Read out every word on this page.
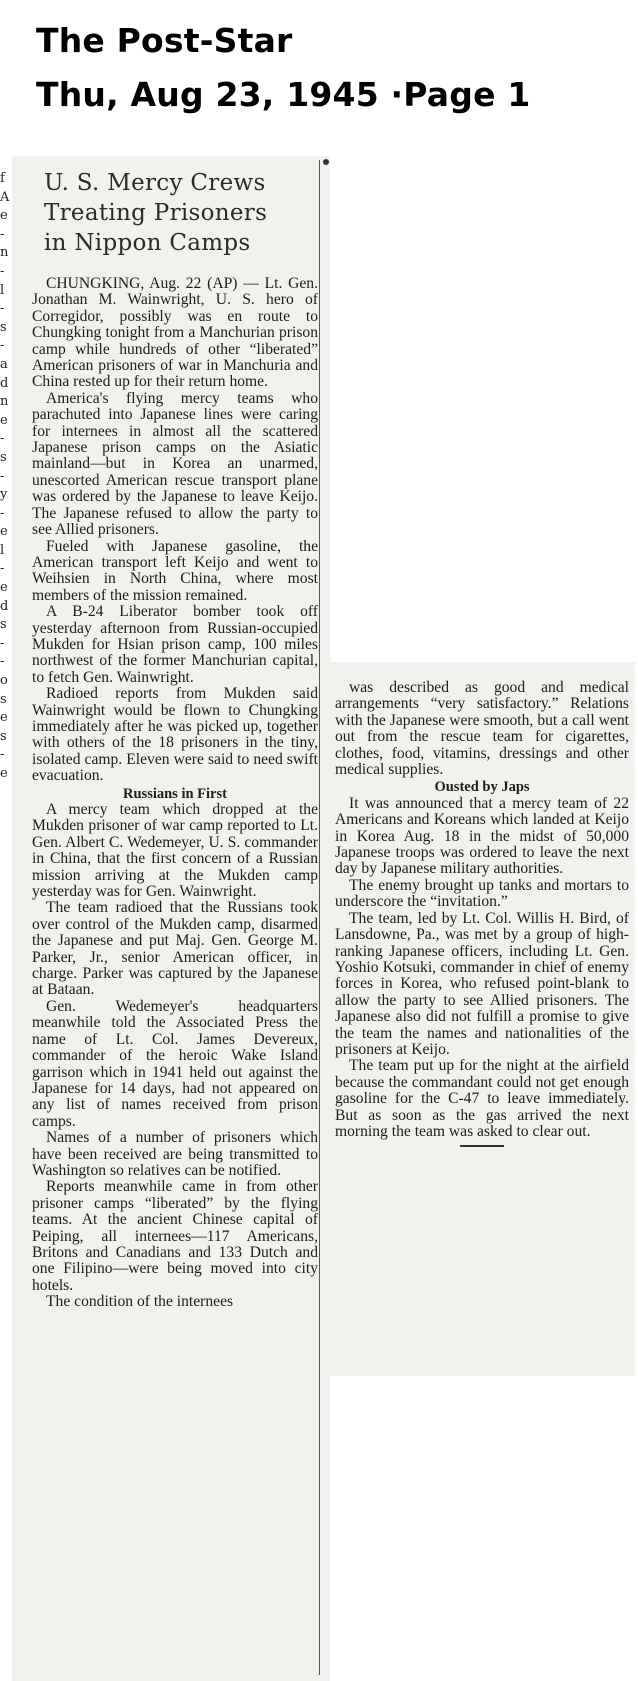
The Post-Star
Thu, Aug 23, 1945 ·Page 1
f
A
e
-
n
-
l
-
s
-
a
d
n
e
-
s
-
y
-
e
l
-
e
d
s
-
-
o
s
e
s
-
e
U. S. Mercy Crews
Treating Prisoners
in Nippon Camps

CHUNGKING, Aug. 22 (AP) — Lt. Gen. Jonathan M. Wainwright, U. S. hero of Corregidor, possibly was en route to Chungking tonight from a Manchurian prison camp while hundreds of other “liberated” American prisoners of war in Manchuria and China rested up for their return home.

America's flying mercy teams who parachuted into Japanese lines were caring for internees in almost all the scattered Japanese prison camps on the Asiatic mainland—but in Korea an unarmed, unescorted American rescue transport plane was ordered by the Japanese to leave Keijo. The Japanese refused to allow the party to see Allied prisoners.

Fueled with Japanese gasoline, the American transport left Keijo and went to Weihsien in North China, where most members of the mission remained.

A B-24 Liberator bomber took off yesterday afternoon from Russian-occupied Mukden for Hsian prison camp, 100 miles northwest of the former Manchurian capital, to fetch Gen. Wainwright.

Radioed reports from Mukden said Wainwright would be flown to Chungking immediately after he was picked up, together with others of the 18 prisoners in the tiny, isolated camp. Eleven were said to need swift evacuation.

Russians in First

A mercy team which dropped at the Mukden prisoner of war camp reported to Lt. Gen. Albert C. Wedemeyer, U. S. commander in China, that the first concern of a Russian mission arriving at the Mukden camp yesterday was for Gen. Wainwright.

The team radioed that the Russians took over control of the Mukden camp, disarmed the Japanese and put Maj. Gen. George M. Parker, Jr., senior American officer, in charge. Parker was captured by the Japanese at Bataan.

Gen. Wedemeyer's headquarters meanwhile told the Associated Press the name of Lt. Col. James Devereux, commander of the heroic Wake Island garrison which in 1941 held out against the Japanese for 14 days, had not appeared on any list of names received from prison camps.

Names of a number of prisoners which have been received are being transmitted to Washington so relatives can be notified.

Reports meanwhile came in from other prisoner camps “liberated” by the flying teams. At the ancient Chinese capital of Peiping, all internees—117 Americans, Britons and Canadians and 133 Dutch and one Filipino—were being moved into city hotels.

The condition of the internees

was described as good and medical arrangements “very satisfactory.” Relations with the Japanese were smooth, but a call went out from the rescue team for cigarettes, clothes, food, vitamins, dressings and other medical supplies.

Ousted by Japs

It was announced that a mercy team of 22 Americans and Koreans which landed at Keijo in Korea Aug. 18 in the midst of 50,000 Japanese troops was ordered to leave the next day by Japanese military authorities.

The enemy brought up tanks and mortars to underscore the “invitation.”

The team, led by Lt. Col. Willis H. Bird, of Lansdowne, Pa., was met by a group of high-ranking Japanese officers, including Lt. Gen. Yoshio Kotsuki, commander in chief of enemy forces in Korea, who refused point-blank to allow the party to see Allied prisoners. The Japanese also did not fulfill a promise to give the team the names and nationalities of the prisoners at Keijo.

The team put up for the night at the airfield because the commandant could not get enough gasoline for the C-47 to leave immediately. But as soon as the gas arrived the next morning the team was asked to clear out.
